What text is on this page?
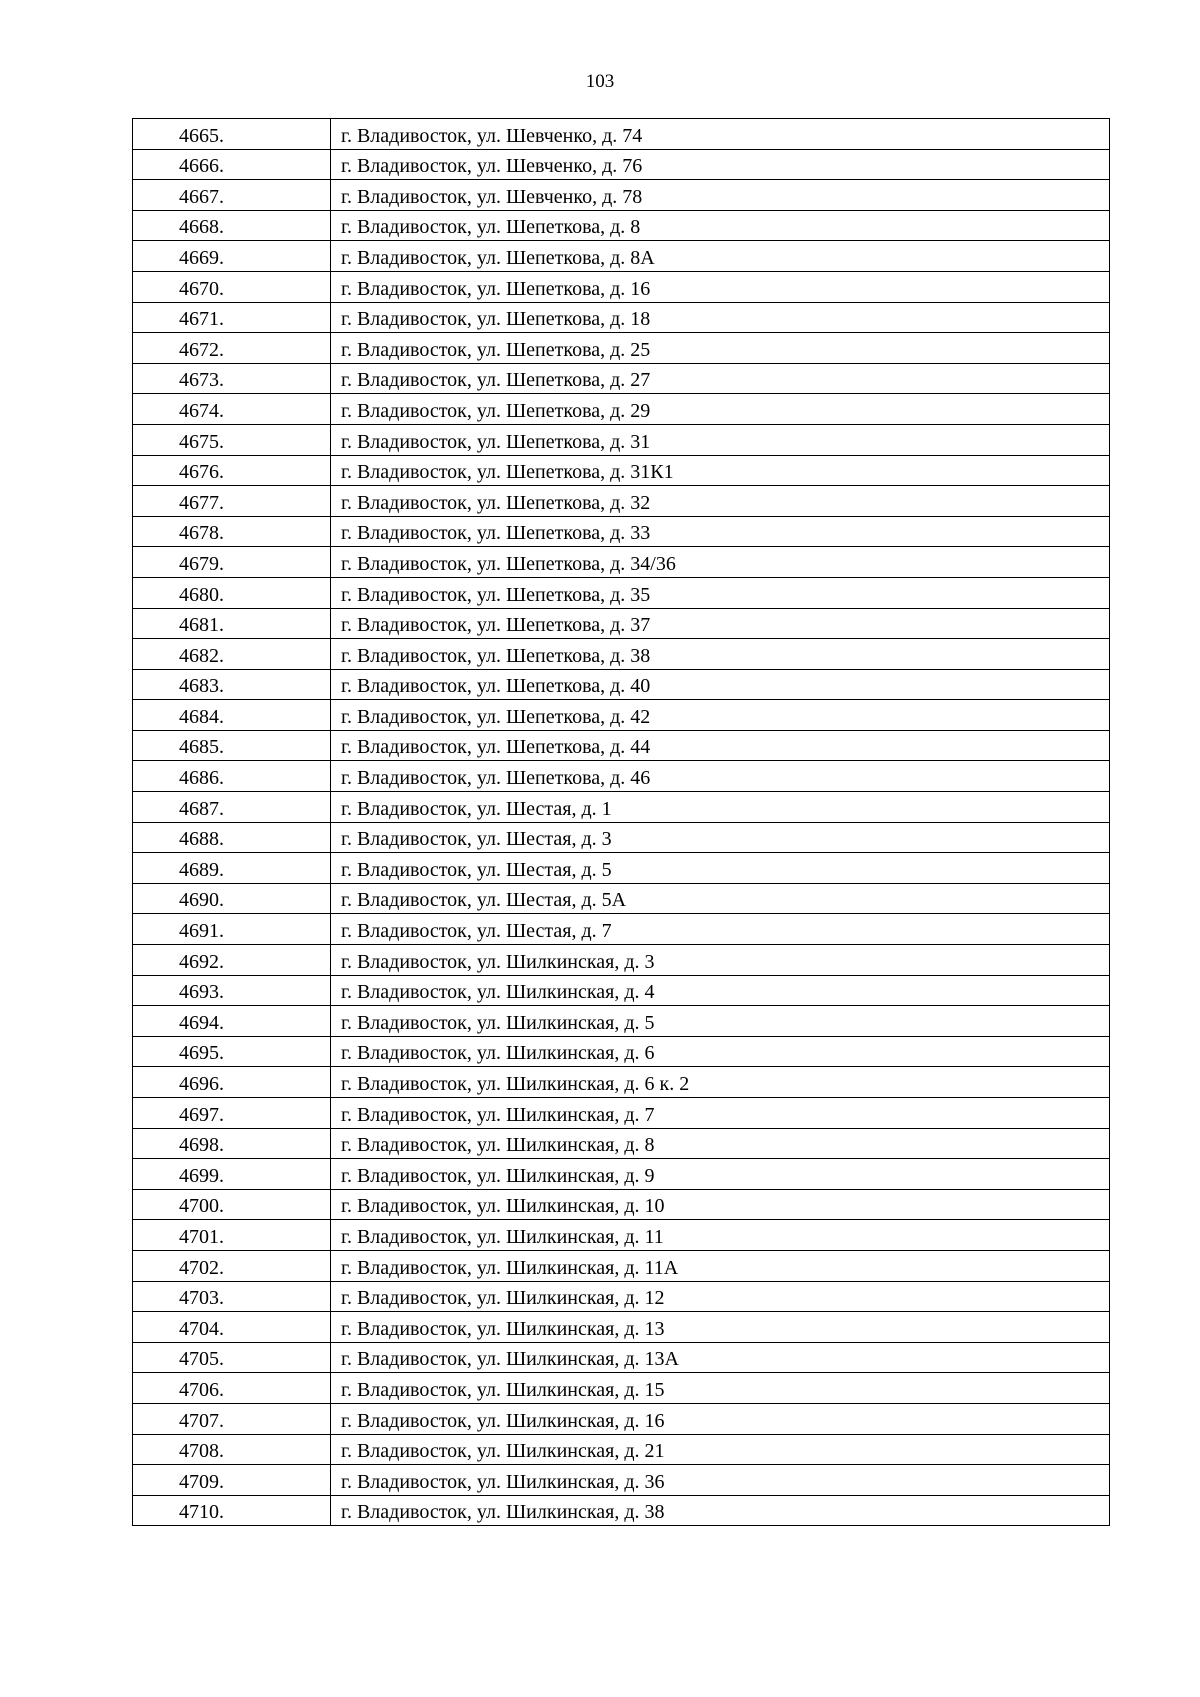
103
4665.	г. Владивосток, ул. Шевченко, д. 74
4666.	г. Владивосток, ул. Шевченко, д. 76
4667.	г. Владивосток, ул. Шевченко, д. 78
4668.	г. Владивосток, ул. Шепеткова, д. 8
4669.	г. Владивосток, ул. Шепеткова, д. 8А
4670.	г. Владивосток, ул. Шепеткова, д. 16
4671.	г. Владивосток, ул. Шепеткова, д. 18
4672.	г. Владивосток, ул. Шепеткова, д. 25
4673.	г. Владивосток, ул. Шепеткова, д. 27
4674.	г. Владивосток, ул. Шепеткова, д. 29
4675.	г. Владивосток, ул. Шепеткова, д. 31
4676.	г. Владивосток, ул. Шепеткова, д. 31К1
4677.	г. Владивосток, ул. Шепеткова, д. 32
4678.	г. Владивосток, ул. Шепеткова, д. 33
4679.	г. Владивосток, ул. Шепеткова, д. 34/36
4680.	г. Владивосток, ул. Шепеткова, д. 35
4681.	г. Владивосток, ул. Шепеткова, д. 37
4682.	г. Владивосток, ул. Шепеткова, д. 38
4683.	г. Владивосток, ул. Шепеткова, д. 40
4684.	г. Владивосток, ул. Шепеткова, д. 42
4685.	г. Владивосток, ул. Шепеткова, д. 44
4686.	г. Владивосток, ул. Шепеткова, д. 46
4687.	г. Владивосток, ул. Шестая, д. 1
4688.	г. Владивосток, ул. Шестая, д. 3
4689.	г. Владивосток, ул. Шестая, д. 5
4690.	г. Владивосток, ул. Шестая, д. 5А
4691.	г. Владивосток, ул. Шестая, д. 7
4692.	г. Владивосток, ул. Шилкинская, д. 3
4693.	г. Владивосток, ул. Шилкинская, д. 4
4694.	г. Владивосток, ул. Шилкинская, д. 5
4695.	г. Владивосток, ул. Шилкинская, д. 6
4696.	г. Владивосток, ул. Шилкинская, д. 6 к. 2
4697.	г. Владивосток, ул. Шилкинская, д. 7
4698.	г. Владивосток, ул. Шилкинская, д. 8
4699.	г. Владивосток, ул. Шилкинская, д. 9
4700.	г. Владивосток, ул. Шилкинская, д. 10
4701.	г. Владивосток, ул. Шилкинская, д. 11
4702.	г. Владивосток, ул. Шилкинская, д. 11А
4703.	г. Владивосток, ул. Шилкинская, д. 12
4704.	г. Владивосток, ул. Шилкинская, д. 13
4705.	г. Владивосток, ул. Шилкинская, д. 13А
4706.	г. Владивосток, ул. Шилкинская, д. 15
4707.	г. Владивосток, ул. Шилкинская, д. 16
4708.	г. Владивосток, ул. Шилкинская, д. 21
4709.	г. Владивосток, ул. Шилкинская, д. 36
4710.	г. Владивосток, ул. Шилкинская, д. 38
